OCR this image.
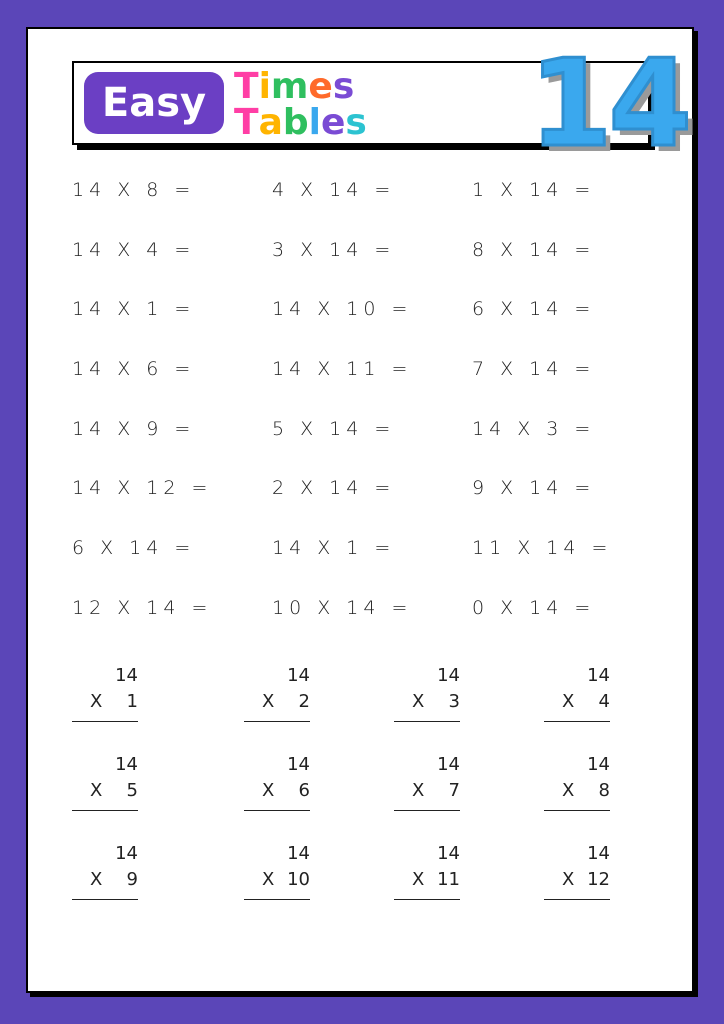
Easy Times
Tables 14
14 X 8 =	4 X 14 =	1 X 14 =
14 X 4 =	3 X 14 =	8 X 14 =
14 X 1 =	14 X 10 =	6 X 14 =
14 X 6 =	14 X 11 =	7 X 14 =
14 X 9 =	5 X 14 =	14 X 3 =
14 X 12 =	2 X 14 =	9 X 14 =
6 X 14 =	14 X 1 =	11 X 14 =
12 X 14 =	10 X 14 =	0 X 14 =
14
X 1
14
X 2
14
X 3
14
X 4
14
X 5
14
X 6
14
X 7
14
X 8
14
X 9
14
X 10
14
X 11
14
X 12
